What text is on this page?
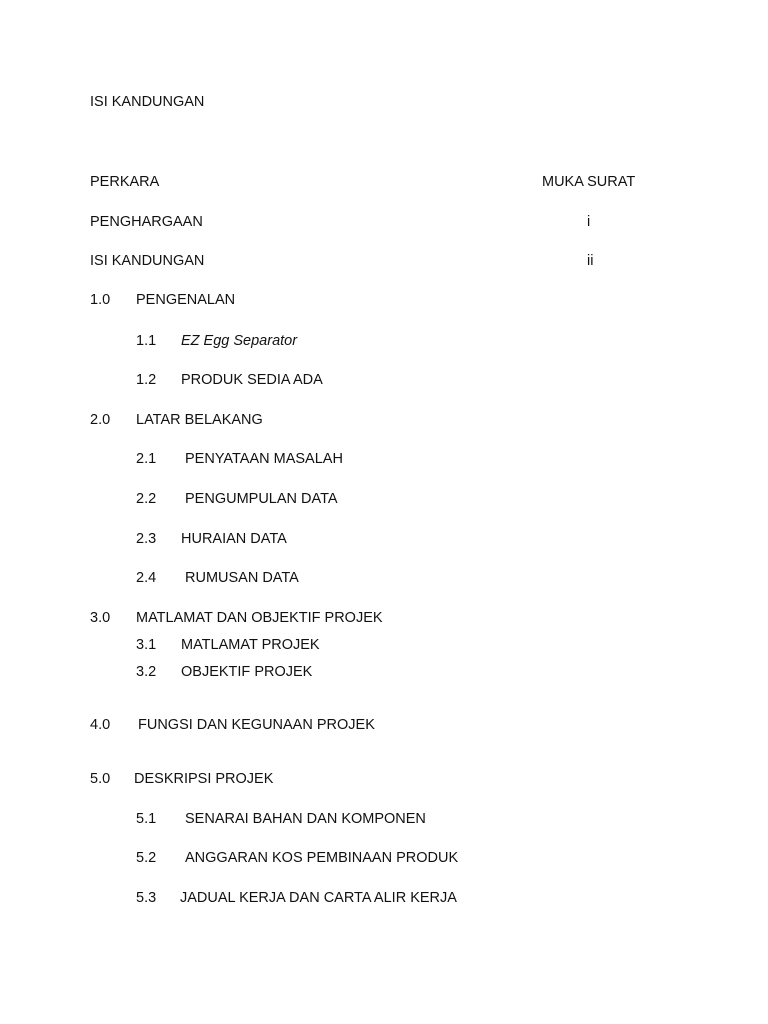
ISI KANDUNGAN
PERKARA	MUKA SURAT
PENGHARGAAN	i
ISI KANDUNGAN	ii
1.0 PENGENALAN
1.1 EZ Egg Separator
1.2 PRODUK SEDIA ADA
2.0 LATAR BELAKANG
2.1 PENYATAAN MASALAH
2.2 PENGUMPULAN DATA
2.3 HURAIAN DATA
2.4 RUMUSAN DATA
3.0 MATLAMAT DAN OBJEKTIF PROJEK
3.1 MATLAMAT PROJEK
3.2 OBJEKTIF PROJEK
4.0 FUNGSI DAN KEGUNAAN PROJEK
5.0 DESKRIPSI PROJEK
5.1 SENARAI BAHAN DAN KOMPONEN
5.2 ANGGARAN KOS PEMBINAAN PRODUK
5.3 JADUAL KERJA DAN CARTA ALIR KERJA
